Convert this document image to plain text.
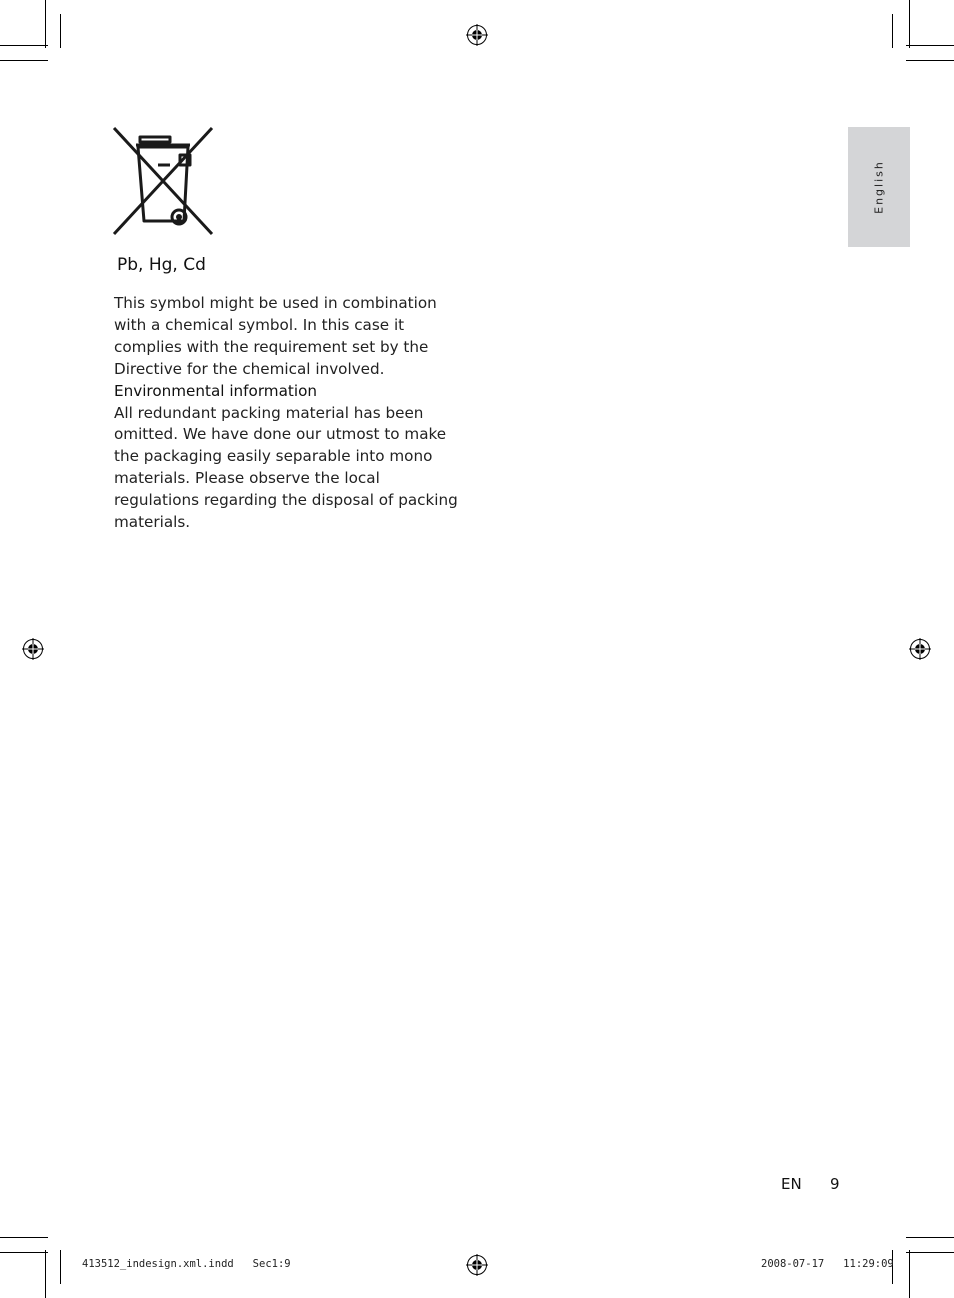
English
Pb, Hg, Cd

This symbol might be used in combination with a chemical symbol. In this case it complies with the requirement set by the Directive for the chemical involved.

Environmental information

All redundant packing material has been omitted. We have done our utmost to make the packaging easily separable into mono materials. Please observe the local regulations regarding the disposal of packing materials.

EN 9
413512_indesign.xml.indd   Sec1:9	2008-07-17   11:29:09
